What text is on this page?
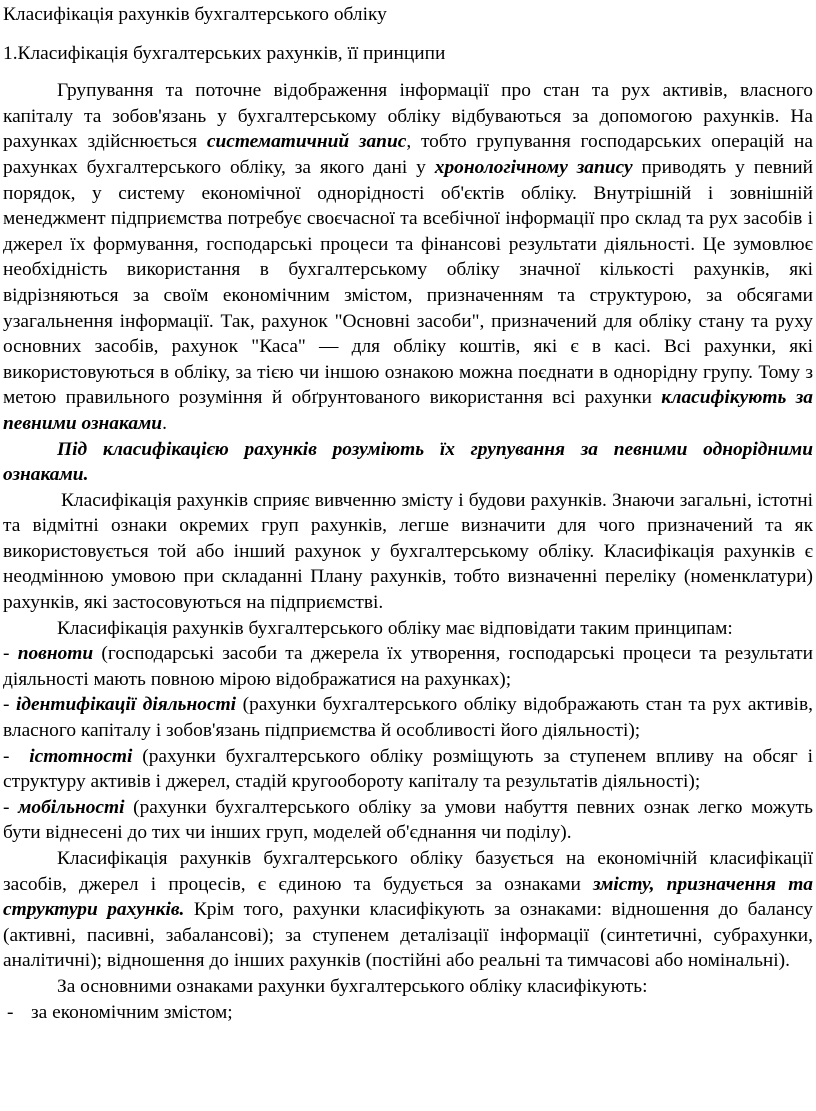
Класифікація рахунків бухгалтерського обліку

1.Класифікація бухгалтерських рахунків, її принципи

Групування та поточне відображення інформації про стан та рух активів, власного капіталу та зобов'язань у бухгалтерському обліку відбуваються за допомогою рахунків. На рахунках здійснюється систематичний запис, тобто групування господарських операцій на рахунках бухгалтерського обліку, за якого дані у хронологічному запису приводять у певний порядок, у систему економічної однорідності об'єктів обліку. Внутрішній і зовнішній менеджмент підприємства потребує своєчасної та всебічної інформації про склад та рух засобів і джерел їх формування, господарські процеси та фінансові результати діяльності. Це зумовлює необхідність використання в бухгалтерському обліку значної кількості рахунків, які відрізняються за своїм економічним змістом, призначенням та структурою, за обсягами узагальнення інформації. Так, рахунок "Основні засоби", призначений для обліку стану та руху основних засобів, рахунок "Каса" — для обліку коштів, які є в касі. Всі рахунки, які використовуються в обліку, за тією чи іншою ознакою можна поєднати в однорідну групу. Тому з метою правильного розуміння й обґрунтованого використання всі рахунки класифікують за певними ознаками.

Під класифікацією рахунків розуміють їх групування за певними однорідними ознаками.

Класифікація рахунків сприяє вивченню змісту і будови рахунків. Знаючи загальні, істотні та відмітні ознаки окремих груп рахунків, легше визначити для чого призначений та як використовується той або інший рахунок у бухгалтерському обліку. Класифікація рахунків є неодмінною умовою при складанні Плану рахунків, тобто визначенні переліку (номенклатури) рахунків, які застосовуються на підприємстві.

Класифікація рахунків бухгалтерського обліку має відповідати таким принципам:

- повноти (господарські засоби та джерела їх утворення, господарські процеси та результати діяльності мають повною мірою відображатися на рахунках);

- ідентифікації діяльності (рахунки бухгалтерського обліку відображають стан та рух активів, власного капіталу і зобов'язань підприємства й особливості його діяльності);

-  істотності (рахунки бухгалтерського обліку розміщують за ступенем впливу на обсяг і структуру активів і джерел, стадій кругообороту капіталу та результатів діяльності);

- мобільності (рахунки бухгалтерського обліку за умови набуття певних ознак легко можуть бути віднесені до тих чи інших груп, моделей об'єднання чи поділу).

Класифікація рахунків бухгалтерського обліку базується на економічній класифікації засобів, джерел і процесів, є єдиною та будується за ознаками змісту, призначення та структури рахунків. Крім того, рахунки класифікують за ознаками: відношення до балансу (активні, пасивні, забалансові); за ступенем деталізації інформації (синтетичні, субрахунки, аналітичні); відношення до інших рахунків (постійні або реальні та тимчасові або номінальні).

За основними ознаками рахунки бухгалтерського обліку класифікують:

- за економічним змістом;
